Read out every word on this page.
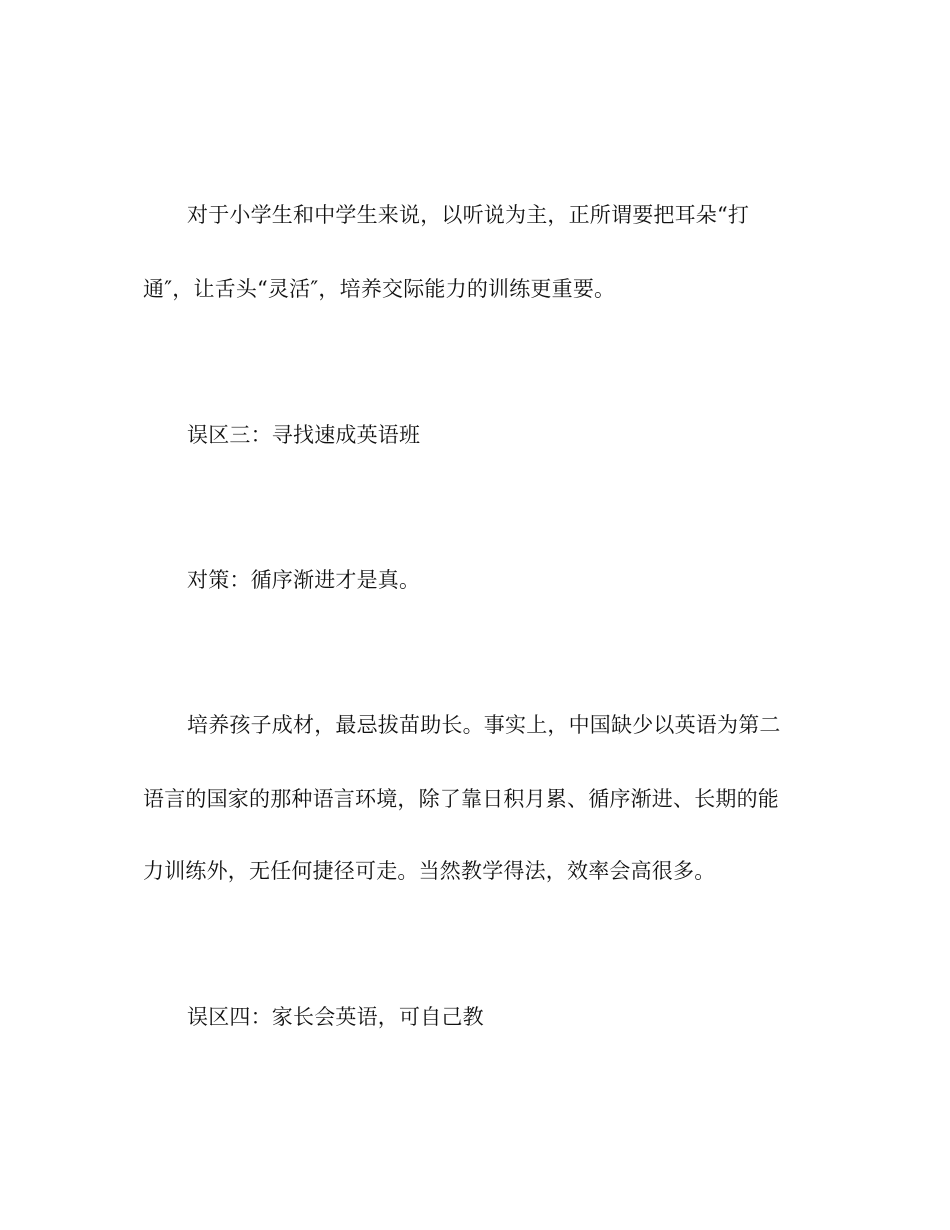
对于小学生和中学生来说，以听说为主，正所谓要把耳朵“打
通″，让舌头“灵活″，培养交际能力的训练更重要。
误区三：寻找速成英语班
对策：循序渐进才是真。
培养孩子成材，最忌拔苗助长。事实上，中国缺少以英语为第二
语言的国家的那种语言环境，除了靠日积月累、循序渐进、长期的能
力训练外，无任何捷径可走。当然教学得法，效率会高很多。
误区四：家长会英语，可自己教
